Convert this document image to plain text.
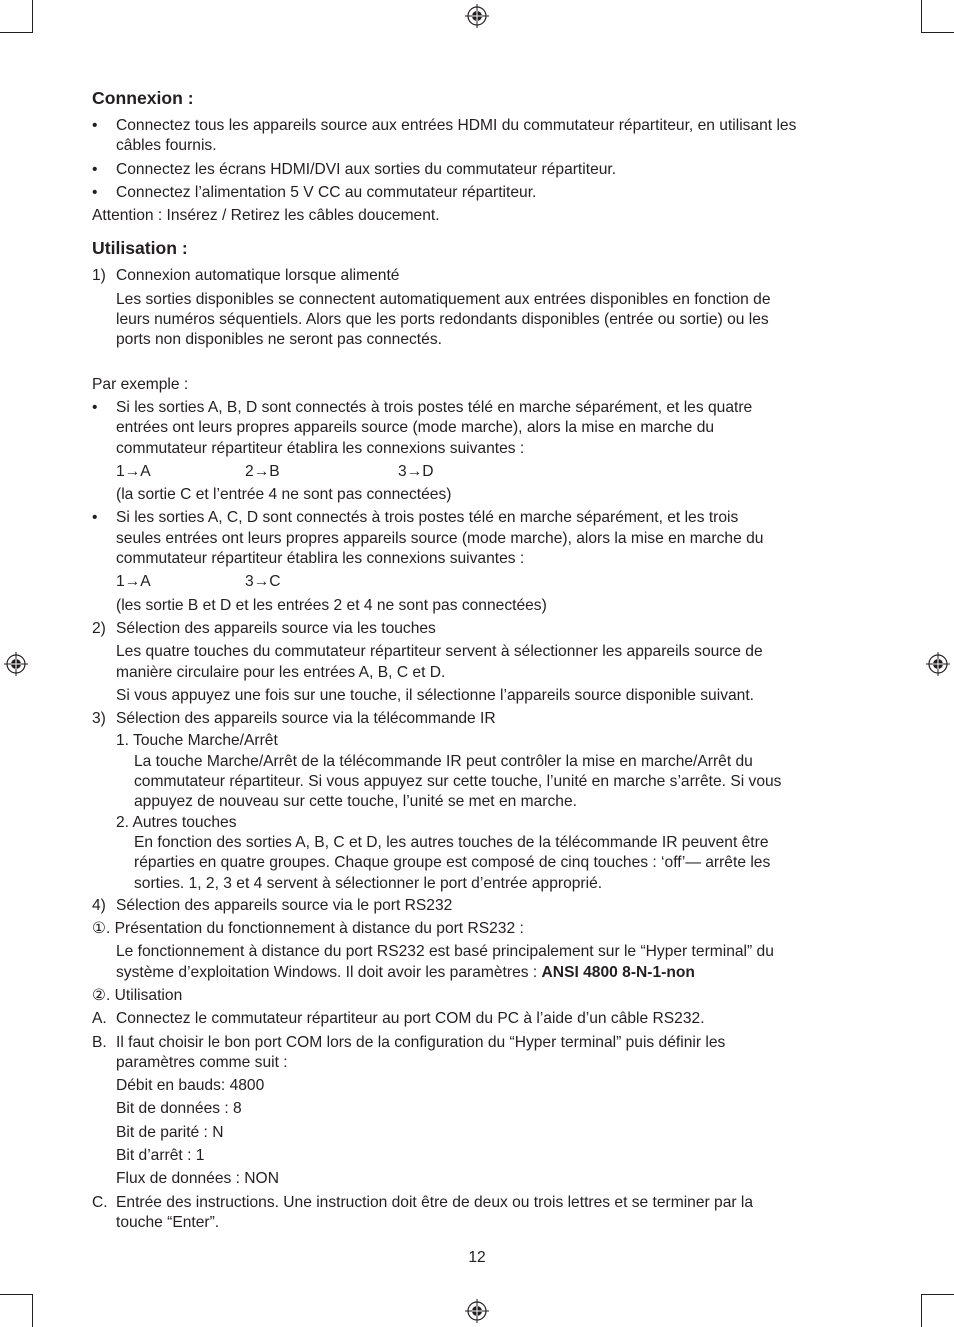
Connexion :
• Connectez tous les appareils source aux entrées HDMI du commutateur répartiteur, en utilisant les
câbles fournis.
• Connectez les écrans HDMI/DVI aux sorties du commutateur répartiteur.
• Connectez l’alimentation 5 V CC au commutateur répartiteur.
Attention : Insérez / Retirez les câbles doucement.
Utilisation :
1) Connexion automatique lorsque alimenté
Les sorties disponibles se connectent automatiquement aux entrées disponibles en fonction de
leurs numéros séquentiels. Alors que les ports redondants disponibles (entrée ou sortie) ou les
ports non disponibles ne seront pas connectés.
Par exemple :
• Si les sorties A, B, D sont connectés à trois postes télé en marche séparément, et les quatre
entrées ont leurs propres appareils source (mode marche), alors la mise en marche du
commutateur répartiteur établira les connexions suivantes :
1→A	2→B	3→D
(la sortie C et l’entrée 4 ne sont pas connectées)
• Si les sorties A, C, D sont connectés à trois postes télé en marche séparément, et les trois
seules entrées ont leurs propres appareils source (mode marche), alors la mise en marche du
commutateur répartiteur établira les connexions suivantes :
1→A	3→C
(les sortie B et D et les entrées 2 et 4 ne sont pas connectées)
2) Sélection des appareils source via les touches
Les quatre touches du commutateur répartiteur servent à sélectionner les appareils source de
manière circulaire pour les entrées A, B, C et D.
Si vous appuyez une fois sur une touche, il sélectionne l’appareils source disponible suivant.
3) Sélection des appareils source via la télécommande IR
1. Touche Marche/Arrêt
La touche Marche/Arrêt de la télécommande IR peut contrôler la mise en marche/Arrêt du
commutateur répartiteur. Si vous appuyez sur cette touche, l’unité en marche s’arrête. Si vous
appuyez de nouveau sur cette touche, l’unité se met en marche.
2. Autres touches
En fonction des sorties A, B, C et D, les autres touches de la télécommande IR peuvent être
réparties en quatre groupes. Chaque groupe est composé de cinq touches : ‘off’— arrête les
sorties. 1, 2, 3 et 4 servent à sélectionner le port d’entrée approprié.
4) Sélection des appareils source via le port RS232
①. Présentation du fonctionnement à distance du port RS232 :
Le fonctionnement à distance du port RS232 est basé principalement sur le “Hyper terminal” du
système d’exploitation Windows. Il doit avoir les paramètres : ANSI 4800 8-N-1-non
②. Utilisation
A. Connectez le commutateur répartiteur au port COM du PC à l’aide d’un câble RS232.
B. Il faut choisir le bon port COM lors de la configuration du “Hyper terminal” puis définir les
paramètres comme suit :
Débit en bauds: 4800
Bit de données : 8
Bit de parité : N
Bit d’arrêt : 1
Flux de données : NON
C. Entrée des instructions. Une instruction doit être de deux ou trois lettres et se terminer par la
touche “Enter”.
12
